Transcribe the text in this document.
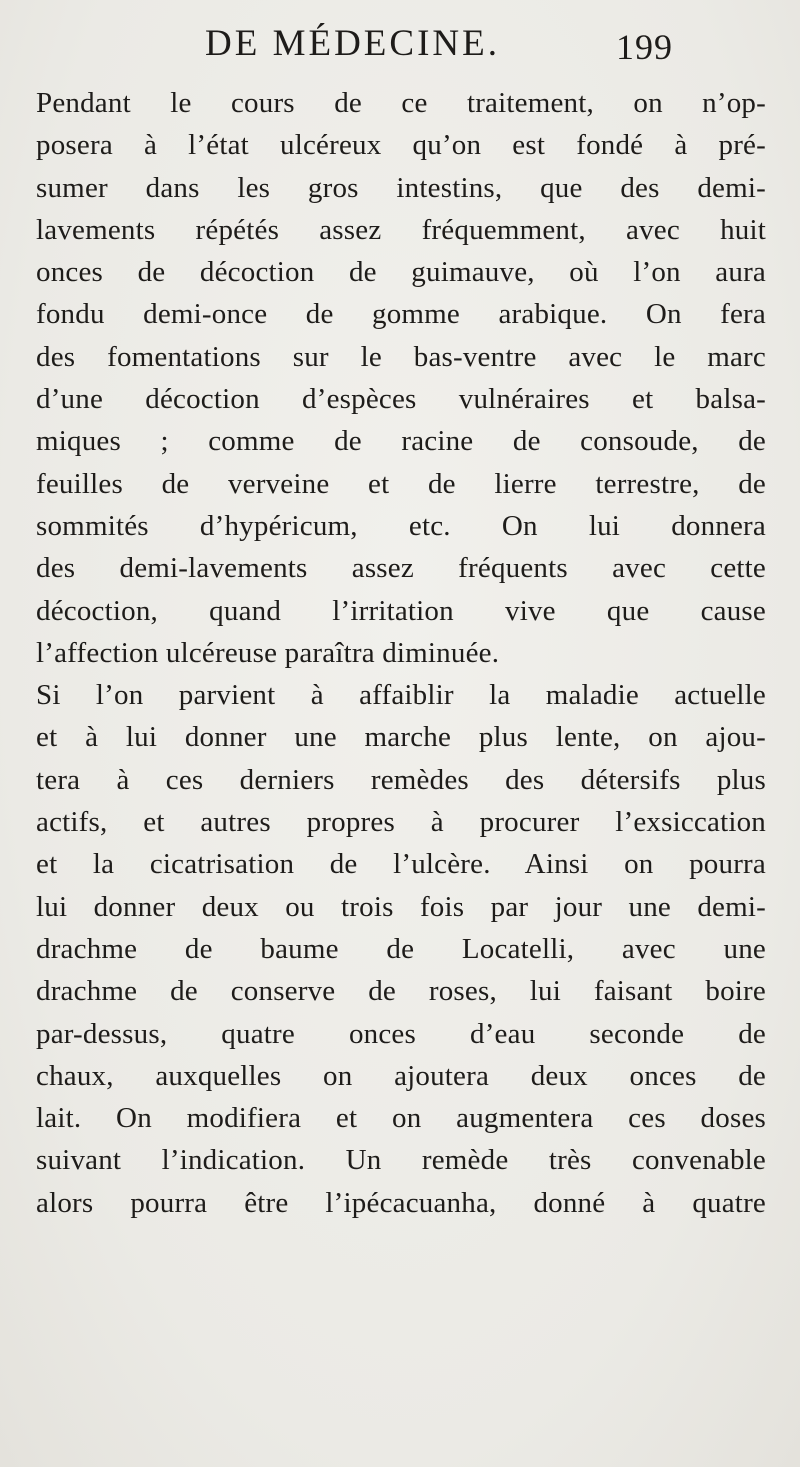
DE MÉDECINE.	199
Pendant le cours de ce traitement, on n’op-
posera à l’état ulcéreux qu’on est fondé à pré-
sumer dans les gros intestins, que des demi-
lavements répétés assez fréquemment, avec huit
onces de décoction de guimauve, où l’on aura
fondu demi-once de gomme arabique. On fera
des fomentations sur le bas-ventre avec le marc
d’une décoction d’espèces vulnéraires et balsa-
miques ; comme de racine de consoude, de
feuilles de verveine et de lierre terrestre, de
sommités d’hypéricum, etc. On lui donnera
des demi-lavements assez fréquents avec cette
décoction, quand l’irritation vive que cause
l’affection ulcéreuse paraîtra diminuée.
Si l’on parvient à affaiblir la maladie actuelle
et à lui donner une marche plus lente, on ajou-
tera à ces derniers remèdes des détersifs plus
actifs, et autres propres à procurer l’exsiccation
et la cicatrisation de l’ulcère. Ainsi on pourra
lui donner deux ou trois fois par jour une demi-
drachme de baume de Locatelli, avec une
drachme de conserve de roses, lui faisant boire
par-dessus, quatre onces d’eau seconde de
chaux, auxquelles on ajoutera deux onces de
lait. On modifiera et on augmentera ces doses
suivant l’indication. Un remède très convenable
alors pourra être l’ipécacuanha, donné à quatre
